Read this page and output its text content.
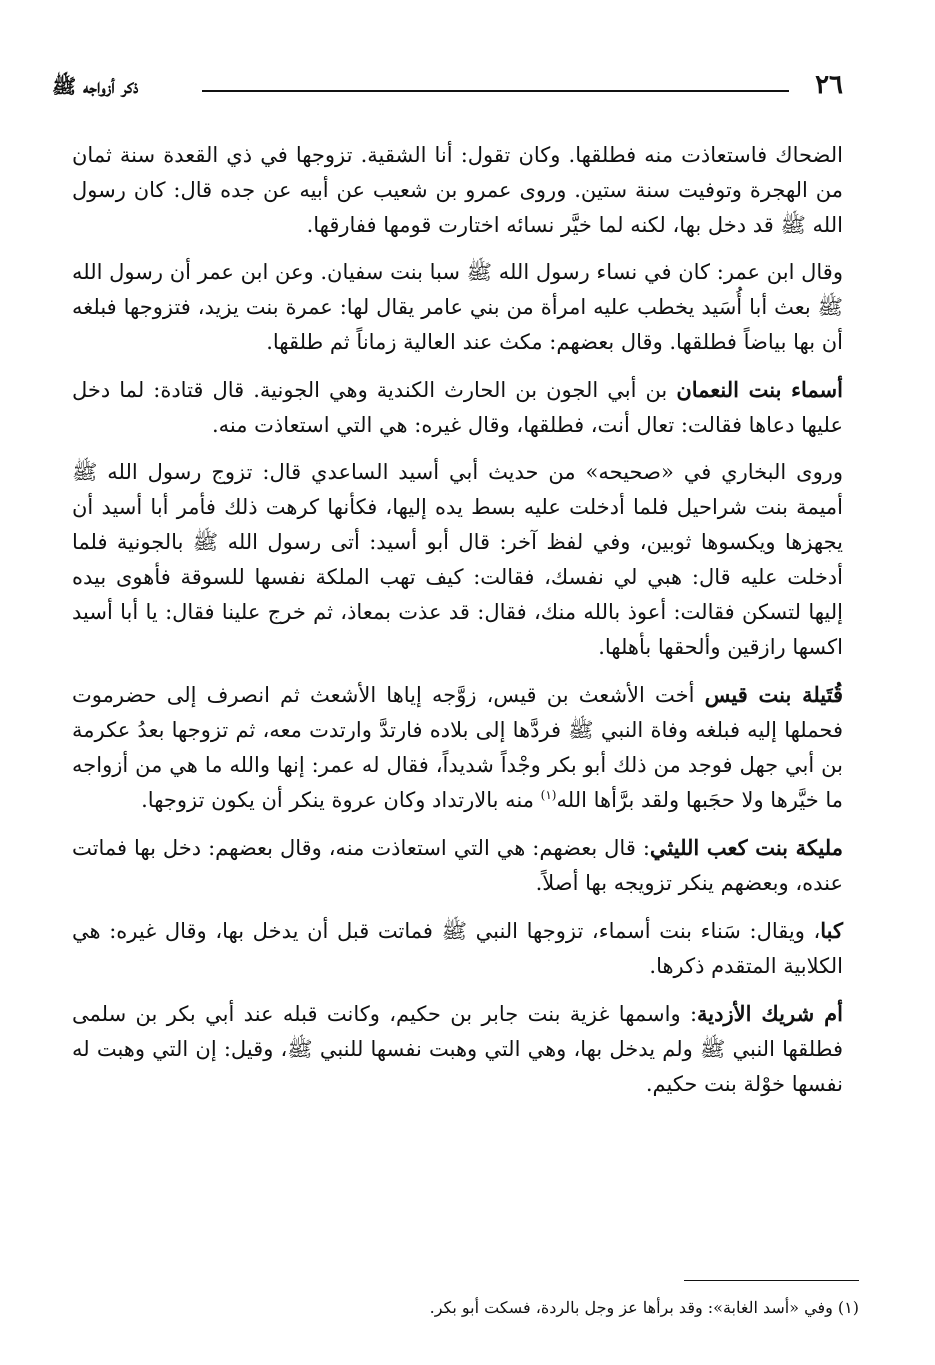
٢٦
ذكر أزواجه ﷺ

الضحاك فاستعاذت منه فطلقها. وكان تقول: أنا الشقية. تزوجها في ذي القعدة سنة ثمان من الهجرة وتوفيت سنة ستين. وروى عمرو بن شعيب عن أبيه عن جده قال: كان رسول الله ﷺ قد دخل بها، لكنه لما خيَّر نسائه اختارت قومها ففارقها.

وقال ابن عمر: كان في نساء رسول الله ﷺ سبا بنت سفيان. وعن ابن عمر أن رسول الله ﷺ بعث أبا أُسَيد يخطب عليه امرأة من بني عامر يقال لها: عمرة بنت يزيد، فتزوجها فبلغه أن بها بياضاً فطلقها. وقال بعضهم: مكث عند العالية زماناً ثم طلقها.

أسماء بنت النعمان بن أبي الجون بن الحارث الكندية وهي الجونية. قال قتادة: لما دخل عليها دعاها فقالت: تعال أنت، فطلقها، وقال غيره: هي التي استعاذت منه.

وروى البخاري في «صحيحه» من حديث أبي أسيد الساعدي قال: تزوج رسول الله ﷺ أميمة بنت شراحيل فلما أدخلت عليه بسط يده إليها، فكأنها كرهت ذلك فأمر أبا أسيد أن يجهزها ويكسوها ثوبين، وفي لفظ آخر: قال أبو أسيد: أتى رسول الله ﷺ بالجونية فلما أدخلت عليه قال: هبي لي نفسك، فقالت: كيف تهب الملكة نفسها للسوقة فأهوى بيده إليها لتسكن فقالت: أعوذ بالله منك، فقال: قد عذت بمعاذ، ثم خرج علينا فقال: يا أبا أسيد اكسها رازقين وألحقها بأهلها.

قُتَيلة بنت قيس أخت الأشعث بن قيس، زوَّجه إياها الأشعث ثم انصرف إلى حضرموت فحملها إليه فبلغه وفاة النبي ﷺ فردَّها إلى بلاده فارتدَّ وارتدت معه، ثم تزوجها بعدُ عكرمة بن أبي جهل فوجد من ذلك أبو بكر وجْداً شديداً، فقال له عمر: إنها والله ما هي من أزواجه ما خيَّرها ولا حجَبها ولقد برَّأها الله$^{(١)}$ منه بالارتداد وكان عروة ينكر أن يكون تزوجها.

مليكة بنت كعب الليثي: قال بعضهم: هي التي استعاذت منه، وقال بعضهم: دخل بها فماتت عنده، وبعضهم ينكر تزويجه بها أصلاً.

كبا، ويقال: سَناء بنت أسماء، تزوجها النبي ﷺ فماتت قبل أن يدخل بها، وقال غيره: هي الكلابية المتقدم ذكرها.

أم شريك الأزدية: واسمها غزية بنت جابر بن حكيم، وكانت قبله عند أبي بكر بن سلمى فطلقها النبي ﷺ ولم يدخل بها، وهي التي وهبت نفسها للنبي ﷺ، وقيل: إن التي وهبت له نفسها خوْلة بنت حكيم.

(١) وفي «أسد الغابة»: وقد برأها عز وجل بالردة، فسكت أبو بكر.
